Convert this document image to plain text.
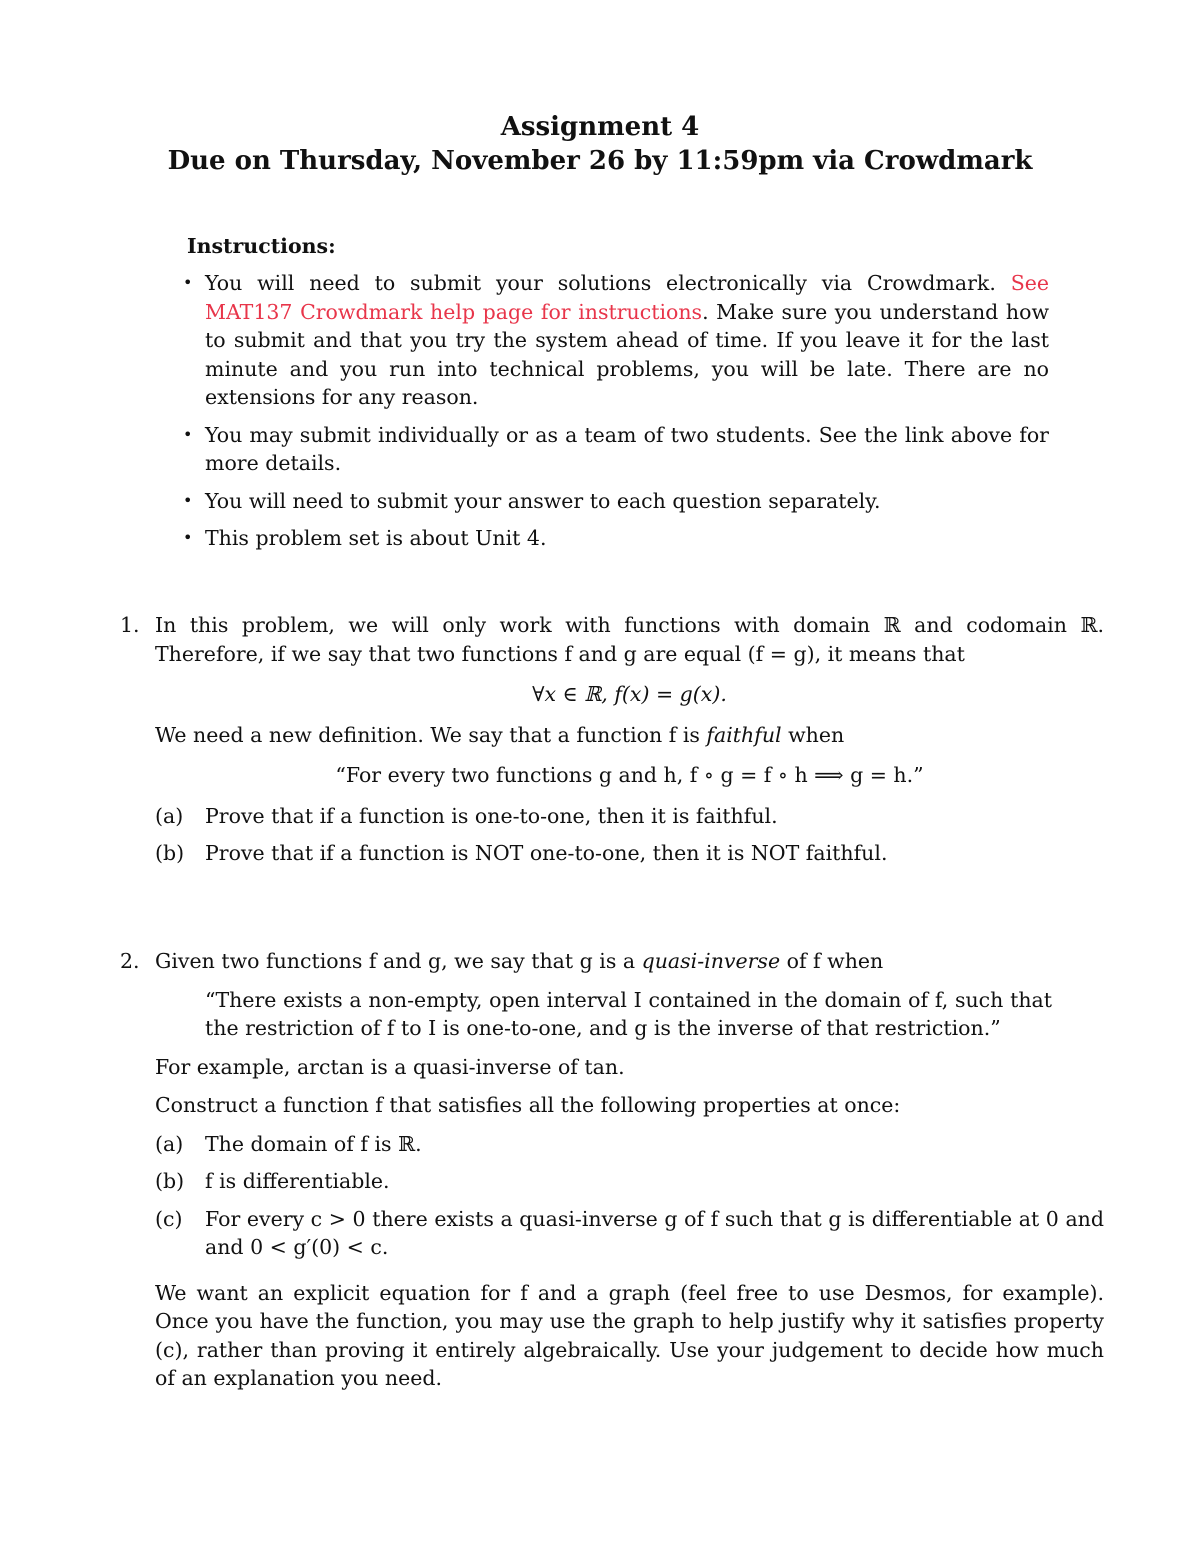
Assignment 4
Due on Thursday, November 26 by 11:59pm via Crowdmark
Instructions:
• You will need to submit your solutions electronically via Crowdmark. See MAT137 Crowdmark help page for instructions. Make sure you understand how to submit and that you try the system ahead of time. If you leave it for the last minute and you run into technical problems, you will be late. There are no extensions for any reason.
• You may submit individually or as a team of two students. See the link above for more details.
• You will need to submit your answer to each question separately.
• This problem set is about Unit 4.
1. In this problem, we will only work with functions with domain ℝ and codomain ℝ. Therefore, if we say that two functions f and g are equal (f = g), it means that
∀x ∈ ℝ, f(x) = g(x).
We need a new definition. We say that a function f is faithful when
“For every two functions g and h, f ∘ g = f ∘ h ⟹ g = h.”
(a) Prove that if a function is one-to-one, then it is faithful.
(b) Prove that if a function is NOT one-to-one, then it is NOT faithful.
2. Given two functions f and g, we say that g is a quasi-inverse of f when
“There exists a non-empty, open interval I contained in the domain of f, such that the restriction of f to I is one-to-one, and g is the inverse of that restriction.”
For example, arctan is a quasi-inverse of tan.
Construct a function f that satisfies all the following properties at once:
(a) The domain of f is ℝ.
(b) f is differentiable.
(c) For every c > 0 there exists a quasi-inverse g of f such that g is differentiable at 0 and and 0 < g′(0) < c.
We want an explicit equation for f and a graph (feel free to use Desmos, for example). Once you have the function, you may use the graph to help justify why it satisfies property (c), rather than proving it entirely algebraically. Use your judgement to decide how much of an explanation you need.
